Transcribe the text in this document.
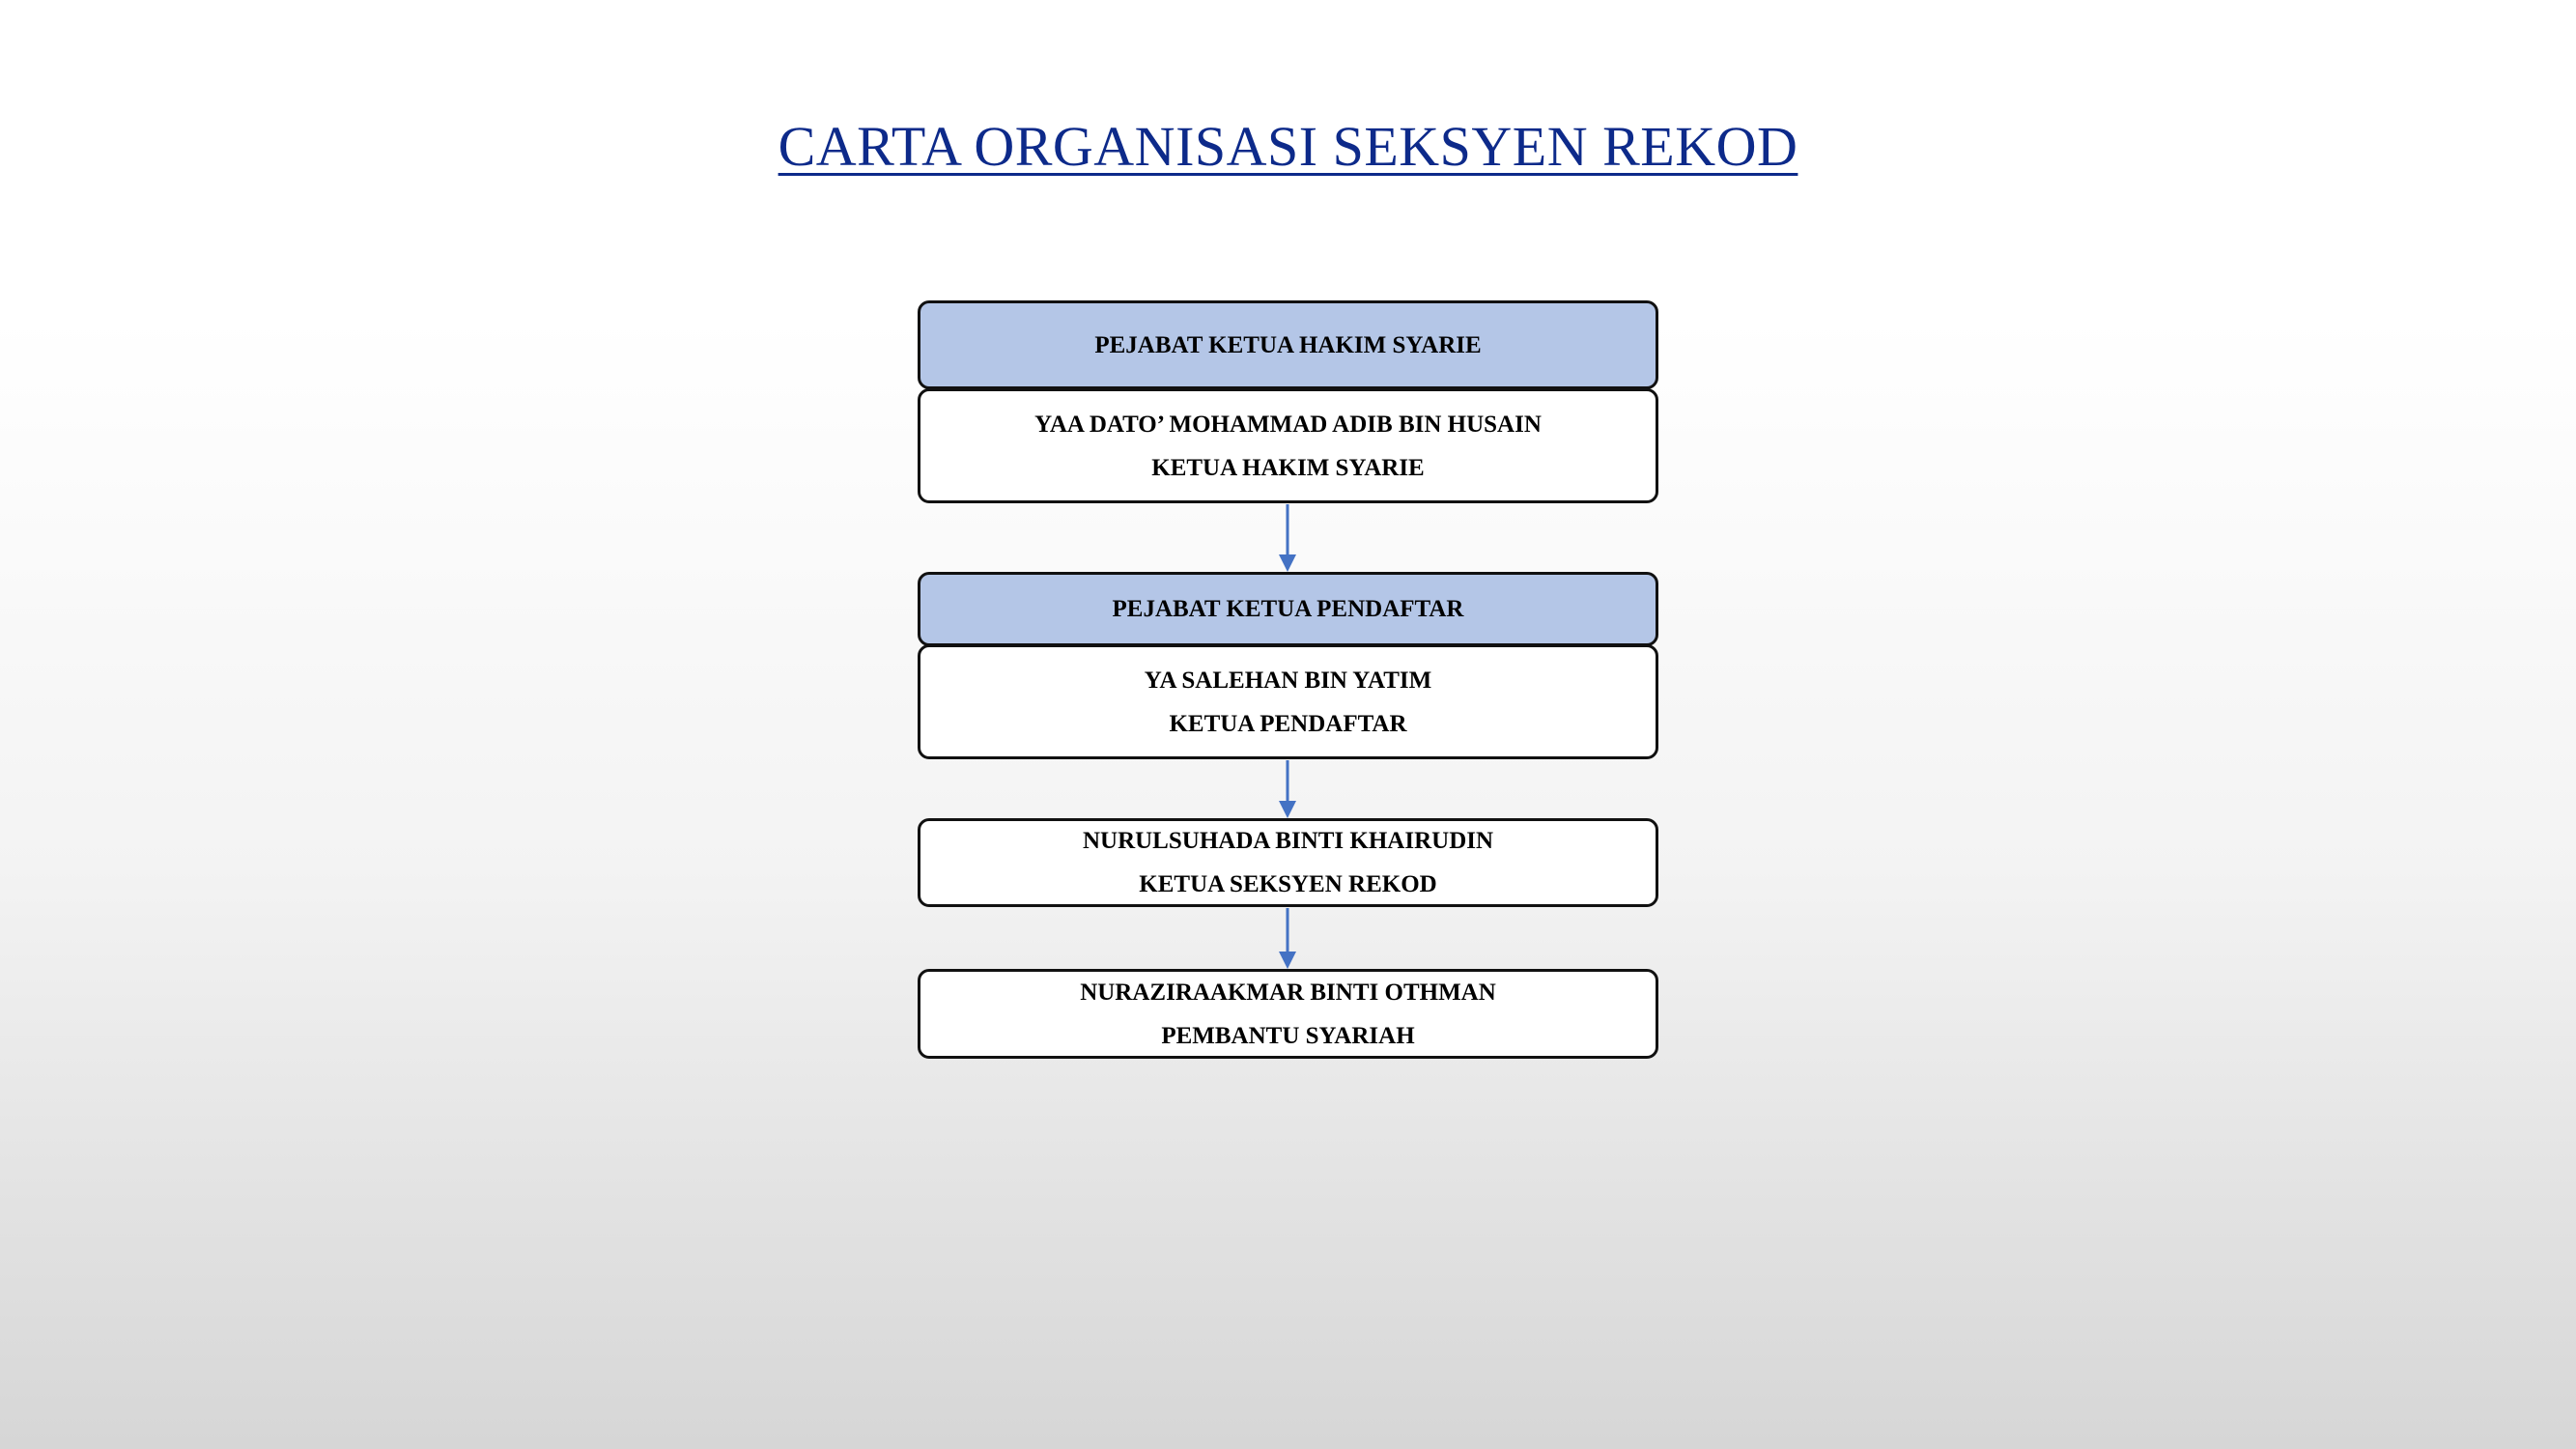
CARTA ORGANISASI SEKSYEN REKOD
PEJABAT KETUA HAKIM SYARIE
YAA DATO’ MOHAMMAD ADIB BIN HUSAIN
KETUA HAKIM SYARIE
PEJABAT KETUA PENDAFTAR
YA SALEHAN BIN YATIM
KETUA PENDAFTAR
NURULSUHADA BINTI KHAIRUDIN
KETUA SEKSYEN REKOD
NURAZIRAAKMAR BINTI OTHMAN
PEMBANTU SYARIAH
